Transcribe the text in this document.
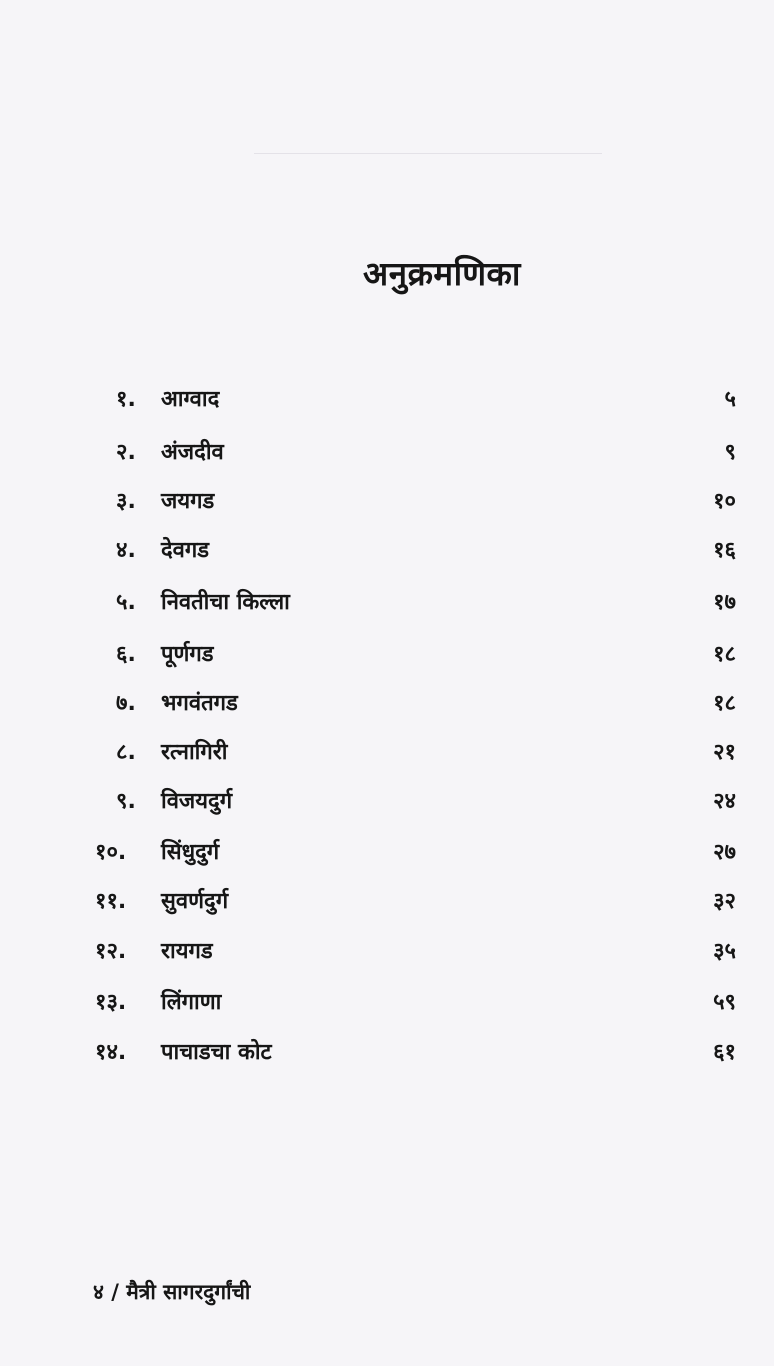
अनुक्रमणिका
१. आग्वाद	५
२. अंजदीव	९
३. जयगड	१०
४. देवगड	१६
५. निवतीचा किल्ला	१७
६. पूर्णगड	१८
७. भगवंतगड	१८
८. रत्नागिरी	२१
९. विजयदुर्ग	२४
१०. सिंधुदुर्ग	२७
११. सुवर्णदुर्ग	३२
१२. रायगड	३५
१३. लिंगाणा	५९
१४. पाचाडचा कोट	६१
४ / मैत्री सागरदुर्गांची
